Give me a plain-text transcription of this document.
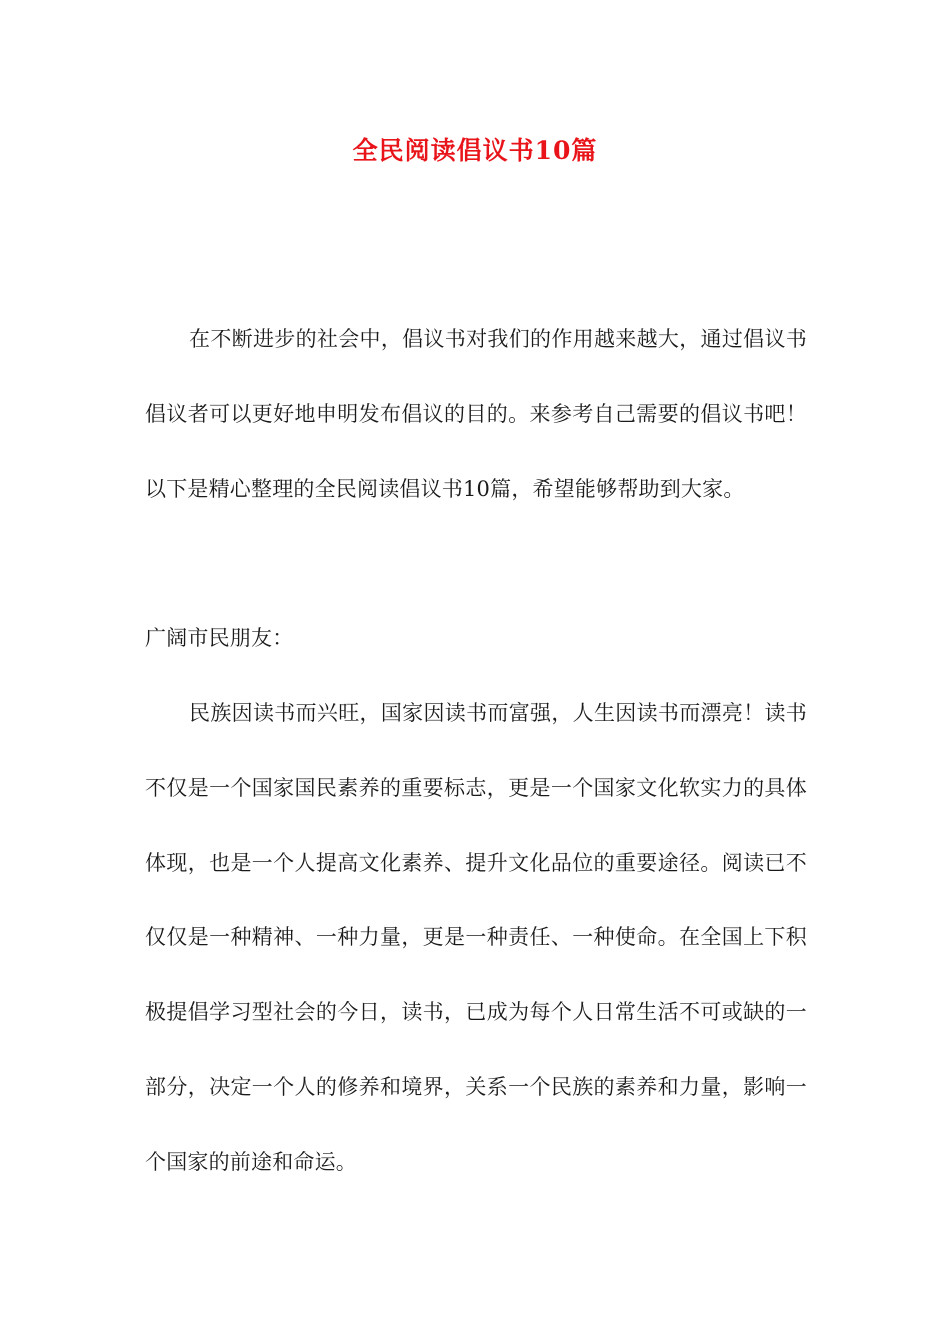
全民阅读倡议书10篇

在不断进步的社会中，倡议书对我们的作用越来越大，通过倡议书倡议者可以更好地申明发布倡议的目的。来参考自己需要的倡议书吧！以下是精心整理的全民阅读倡议书10篇，希望能够帮助到大家。

广阔市民朋友：

民族因读书而兴旺，国家因读书而富强，人生因读书而漂亮！读书不仅是一个国家国民素养的重要标志，更是一个国家文化软实力的具体体现，也是一个人提高文化素养、提升文化品位的重要途径。阅读已不仅仅是一种精神、一种力量，更是一种责任、一种使命。在全国上下积极提倡学习型社会的今日，读书，已成为每个人日常生活不可或缺的一部分，决定一个人的修养和境界，关系一个民族的素养和力量，影响一个国家的前途和命运。
